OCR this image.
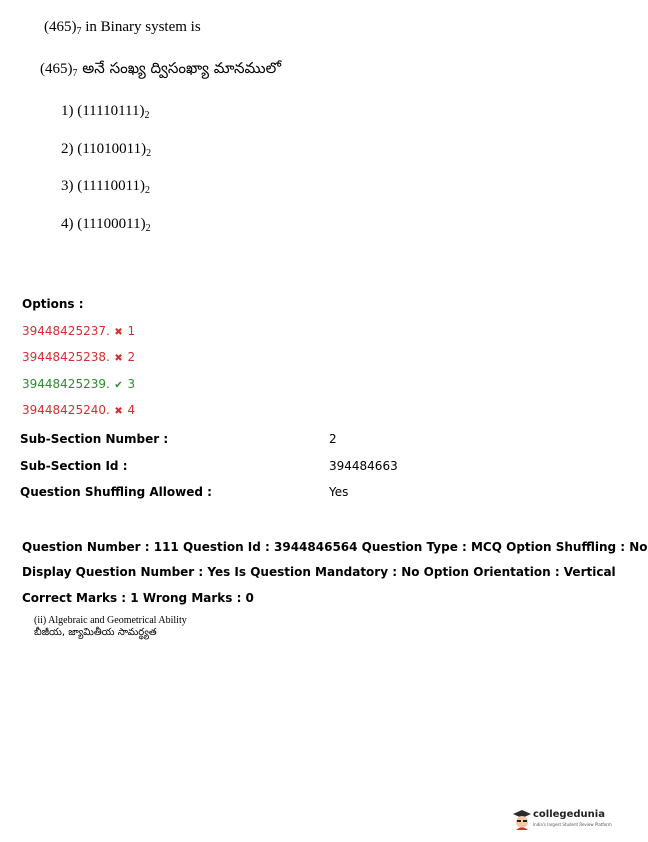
$(465)_7$ in Binary system is
$(465)_7$ అనే సంఖ్య ద్విసంఖ్యా మానములో
1) $(11110111)_2$
2) $(11010011)_2$
3) $(11110011)_2$
4) $(11100011)_2$
Options :
39448425237. ✖ 1
39448425238. ✖ 2
39448425239. ✔ 3
39448425240. ✖ 4
Sub-Section Number :	2
Sub-Section Id :	394484663
Question Shuffling Allowed :	Yes
Question Number : 111 Question Id : 3944846564 Question Type : MCQ Option Shuffling : No
Display Question Number : Yes Is Question Mandatory : No Option Orientation : Vertical
Correct Marks : 1 Wrong Marks : 0
(ii) Algebraic and Geometrical Ability
బీజీయ, జ్యామితీయ సామర్థ్యత
collegedunia
India's largest Student Review Platform
